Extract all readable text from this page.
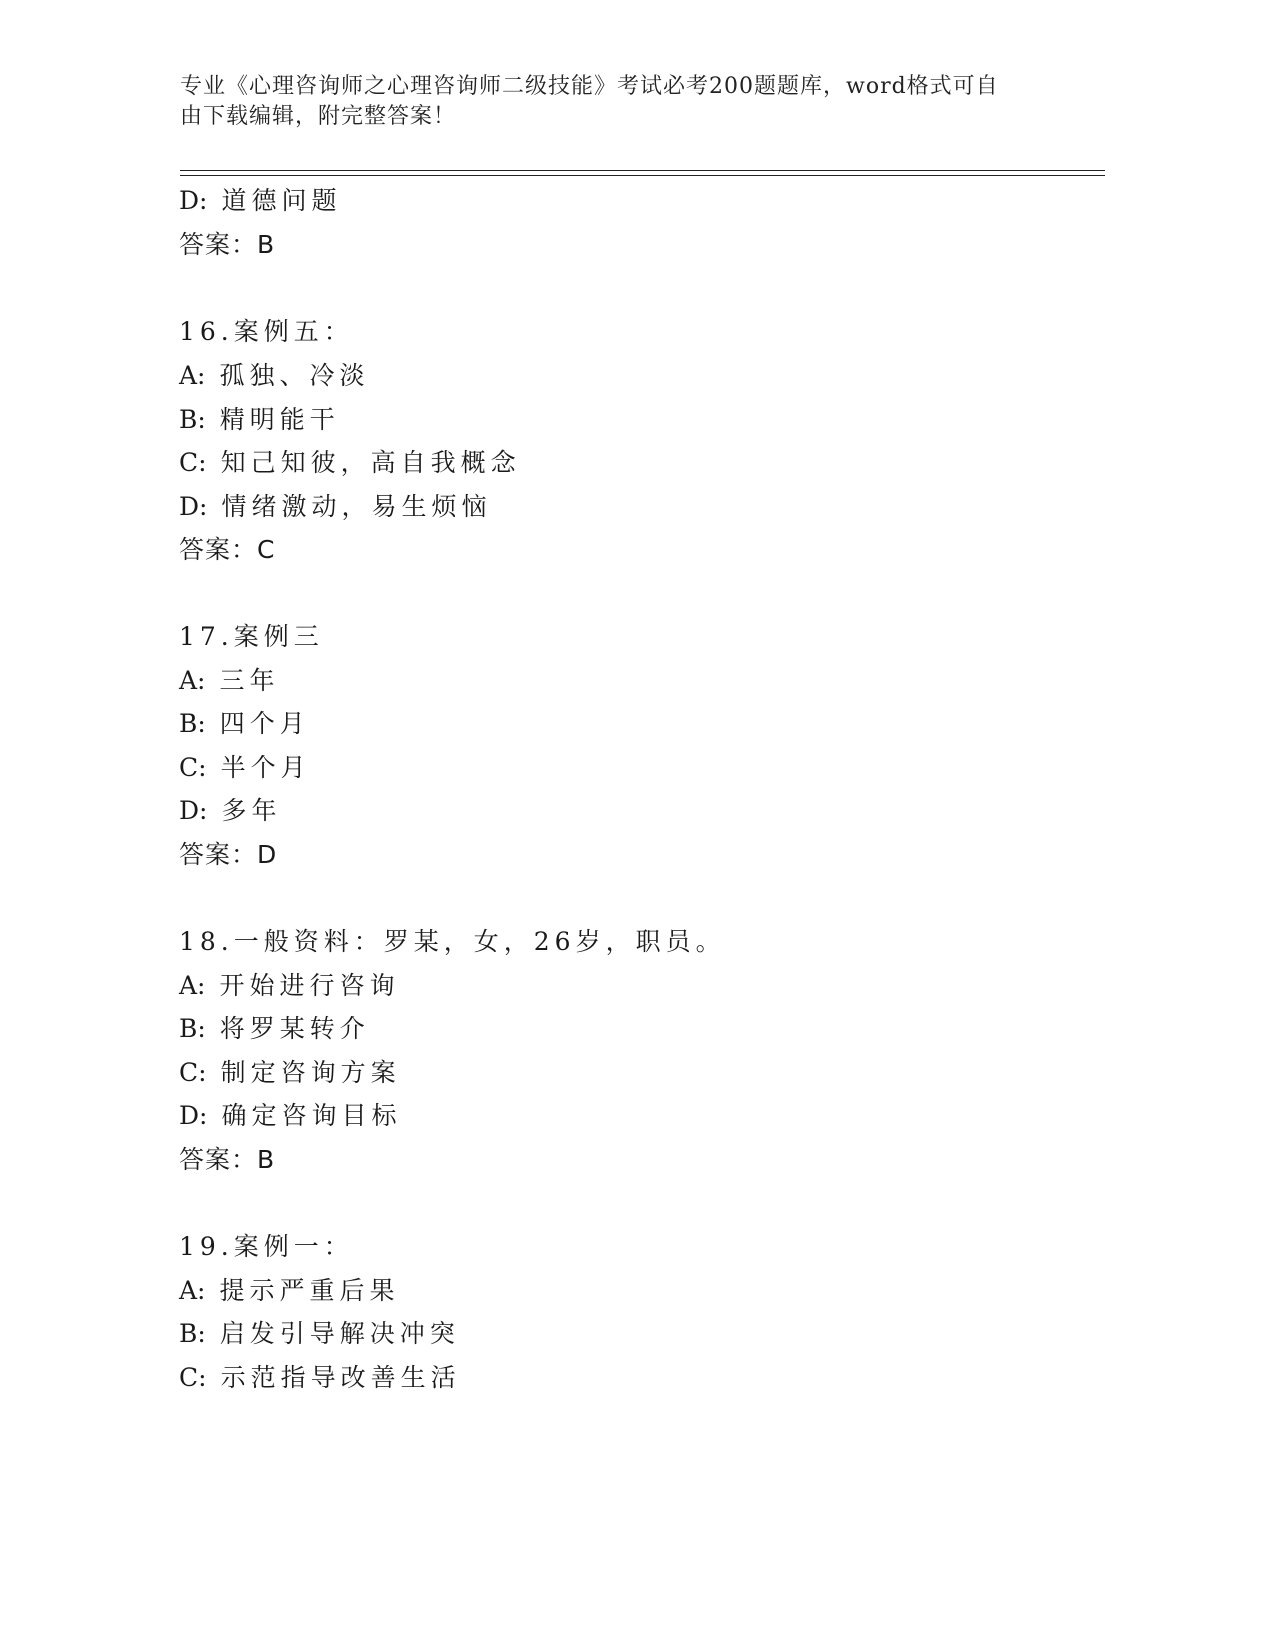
专业《心理咨询师之心理咨询师二级技能》考试必考200题题库，word格式可自
由下载编辑，附完整答案！
D: 道德问题
答案：B
16.案例五：
A: 孤独、冷淡
B: 精明能干
C: 知己知彼，高自我概念
D: 情绪激动，易生烦恼
答案：C
17.案例三
A: 三年
B: 四个月
C: 半个月
D: 多年
答案：D
18.一般资料：罗某，女，26岁，职员。
A: 开始进行咨询
B: 将罗某转介
C: 制定咨询方案
D: 确定咨询目标
答案：B
19.案例一：
A: 提示严重后果
B: 启发引导解决冲突
C: 示范指导改善生活
